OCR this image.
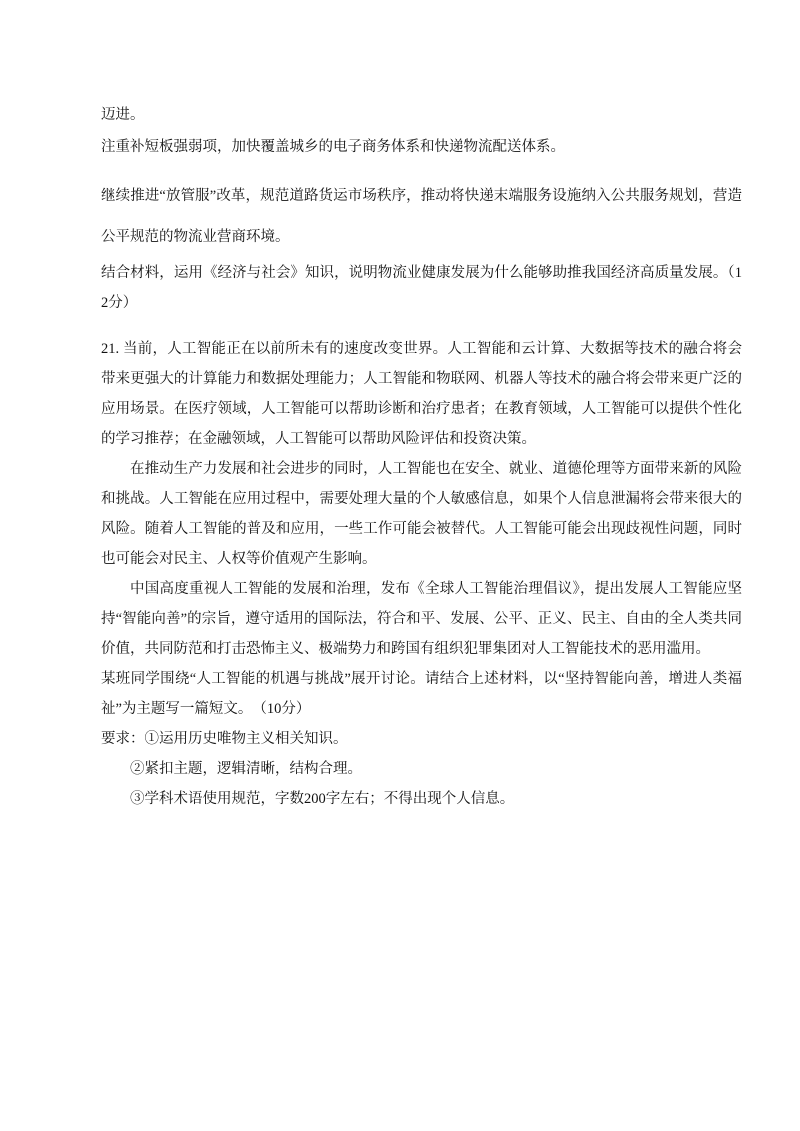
迈进。

注重补短板强弱项，加快覆盖城乡的电子商务体系和快递物流配送体系。

继续推进“放管服”改革，规范道路货运市场秩序，推动将快递末端服务设施纳入公共服务规划，营造公平规范的物流业营商环境。

结合材料，运用《经济与社会》知识，说明物流业健康发展为什么能够助推我国经济高质量发展。（12分）

21. 当前，人工智能正在以前所未有的速度改变世界。人工智能和云计算、大数据等技术的融合将会带来更强大的计算能力和数据处理能力；人工智能和物联网、机器人等技术的融合将会带来更广泛的应用场景。在医疗领域，人工智能可以帮助诊断和治疗患者；在教育领域，人工智能可以提供个性化的学习推荐；在金融领域，人工智能可以帮助风险评估和投资决策。

在推动生产力发展和社会进步的同时，人工智能也在安全、就业、道德伦理等方面带来新的风险和挑战。人工智能在应用过程中，需要处理大量的个人敏感信息，如果个人信息泄漏将会带来很大的风险。随着人工智能的普及和应用，一些工作可能会被替代。人工智能可能会出现歧视性问题，同时也可能会对民主、人权等价值观产生影响。

中国高度重视人工智能的发展和治理，发布《全球人工智能治理倡议》，提出发展人工智能应坚持“智能向善”的宗旨，遵守适用的国际法，符合和平、发展、公平、正义、民主、自由的全人类共同价值，共同防范和打击恐怖主义、极端势力和跨国有组织犯罪集团对人工智能技术的恶用滥用。

某班同学围绕“人工智能的机遇与挑战”展开讨论。请结合上述材料，以“坚持智能向善，增进人类福祉”为主题写一篇短文。　（10分）

要求：①运用历史唯物主义相关知识。

②紧扣主题，逻辑清晰，结构合理。

③学科术语使用规范，字数200字左右；不得出现个人信息。
